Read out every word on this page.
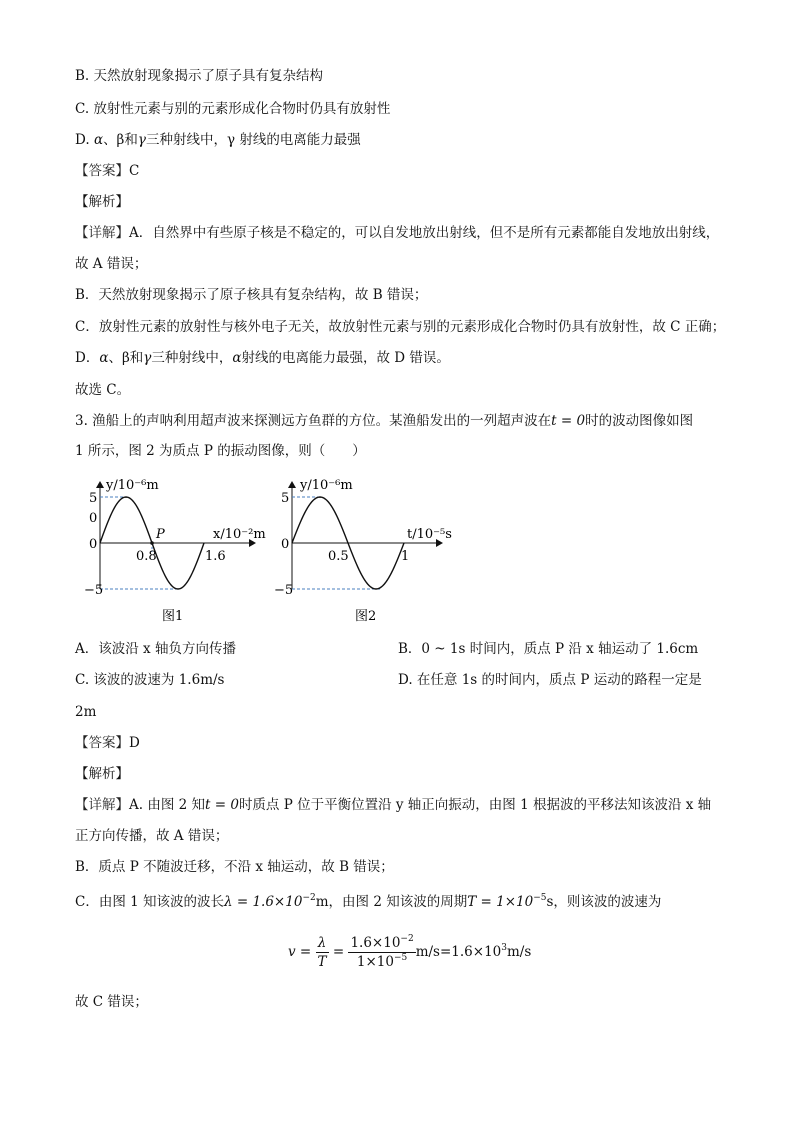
B. 天然放射现象揭示了原子具有复杂结构
C. 放射性元素与别的元素形成化合物时仍具有放射性
D. α、β和γ三种射线中，γ 射线的电离能力最强
【答案】C
【解析】
【详解】A．自然界中有些原子核是不稳定的，可以自发地放出射线，但不是所有元素都能自发地放出射线，
故 A 错误；
B．天然放射现象揭示了原子核具有复杂结构，故 B 错误；
C．放射性元素的放射性与核外电子无关，故放射性元素与别的元素形成化合物时仍具有放射性，故 C 正确；
D．α、β和γ三种射线中，α射线的电离能力最强，故 D 错误。
故选 C。
3. 渔船上的声呐利用超声波来探测远方鱼群的方位。某渔船发出的一列超声波在t = 0时的波动图像如图
1 所示，图 2 为质点 P 的振动图像，则（　　）
y/10⁻⁶m
x/10⁻²m
5
0
0
−5
0.8	1.6
P
图1
y/10⁻⁶m
t/10⁻⁵s
5
0
−5
0.5	1
图2
A．该波沿 x 轴负方向传播	B．0 ~ 1s 时间内，质点 P 沿 x 轴运动了 1.6cm
C. 该波的波速为 1.6m/s	D. 在任意 1s 的时间内，质点 P 运动的路程一定是
2m
【答案】D
【解析】
【详解】A. 由图 2 知t = 0时质点 P 位于平衡位置沿 y 轴正向振动，由图 1 根据波的平移法知该波沿 x 轴
正方向传播，故 A 错误；
B．质点 P 不随波迁移，不沿 x 轴运动，故 B 错误；
C．由图 1 知该波的波长$\lambda = 1.6\times 10^{-2}m$，由图 2 知该波的周期$T = 1\times 10^{-5}s$，则该波的波速为
$v = \frac{\lambda}{T} = \frac{1.6\times 10^{-2}}{1\times 10^{-5}} m/s=1.6\times 10^3m/s$
故 C 错误；
